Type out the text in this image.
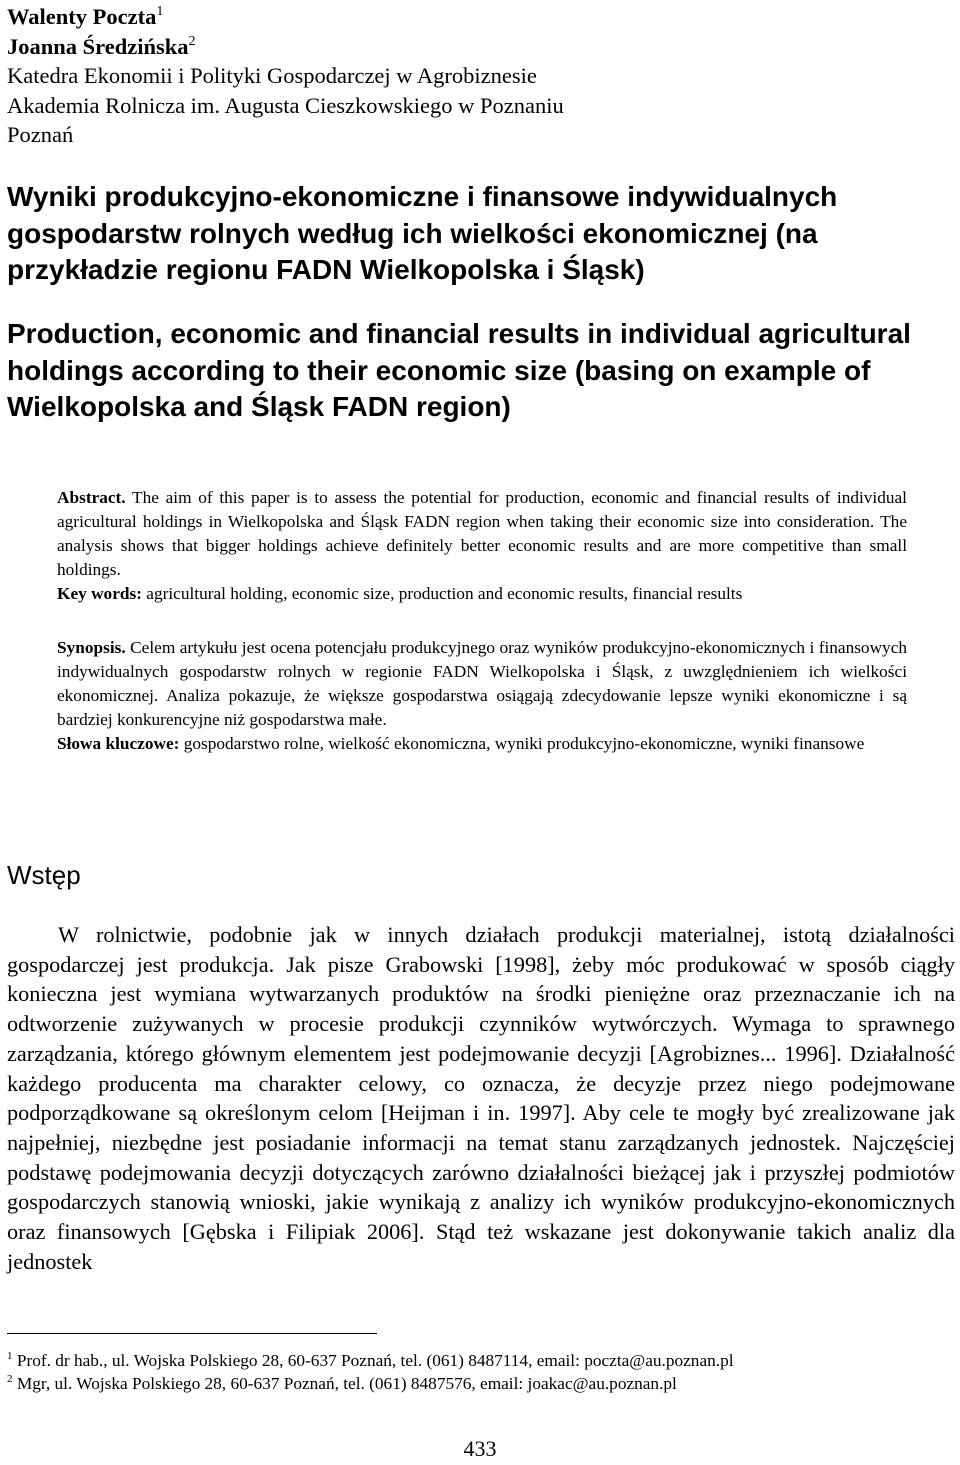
Walenty Poczta$^1$
Joanna Średzińska$^2$
Katedra Ekonomii i Polityki Gospodarczej w Agrobiznesie
Akademia Rolnicza im. Augusta Cieszkowskiego w Poznaniu
Poznań
Wyniki produkcyjno-ekonomiczne i finansowe indywidualnych gospodarstw rolnych według ich wielkości ekonomicznej (na przykładzie regionu FADN Wielkopolska i Śląsk)
Production, economic and financial results in individual agricultural holdings according to their economic size (basing on example of Wielkopolska and Śląsk FADN region)

Abstract. The aim of this paper is to assess the potential for production, economic and financial results of individual agricultural holdings in Wielkopolska and Śląsk FADN region when taking their economic size into consideration. The analysis shows that bigger holdings achieve definitely better economic results and are more competitive than small holdings.

Key words: agricultural holding, economic size, production and economic results, financial results

Synopsis. Celem artykułu jest ocena potencjału produkcyjnego oraz wyników produkcyjno-ekonomicznych i finansowych indywidualnych gospodarstw rolnych w regionie FADN Wielkopolska i Śląsk, z uwzględnieniem ich wielkości ekonomicznej. Analiza pokazuje, że większe gospodarstwa osiągają zdecydowanie lepsze wyniki ekonomiczne i są bardziej konkurencyjne niż gospodarstwa małe.

Słowa kluczowe: gospodarstwo rolne, wielkość ekonomiczna, wyniki produkcyjno-ekonomiczne, wyniki finansowe

Wstęp

W rolnictwie, podobnie jak w innych działach produkcji materialnej, istotą działalności gospodarczej jest produkcja. Jak pisze Grabowski [1998], żeby móc produkować w sposób ciągły konieczna jest wymiana wytwarzanych produktów na środki pieniężne oraz przeznaczanie ich na odtworzenie zużywanych w procesie produkcji czynników wytwórczych. Wymaga to sprawnego zarządzania, którego głównym elementem jest podejmowanie decyzji [Agrobiznes... 1996]. Działalność każdego producenta ma charakter celowy, co oznacza, że decyzje przez niego podejmowane podporządkowane są określonym celom [Heijman i in. 1997]. Aby cele te mogły być zrealizowane jak najpełniej, niezbędne jest posiadanie informacji na temat stanu zarządzanych jednostek. Najczęściej podstawę podejmowania decyzji dotyczących zarówno działalności bieżącej jak i przyszłej podmiotów gospodarczych stanowią wnioski, jakie wynikają z analizy ich wyników produkcyjno-ekonomicznych oraz finansowych [Gębska i Filipiak 2006]. Stąd też wskazane jest dokonywanie takich analiz dla jednostek

$^1$ Prof. dr hab., ul. Wojska Polskiego 28, 60-637 Poznań, tel. (061) 8487114, email: poczta@au.poznan.pl

$^2$ Mgr, ul. Wojska Polskiego 28, 60-637 Poznań, tel. (061) 8487576, email: joakac@au.poznan.pl

433
